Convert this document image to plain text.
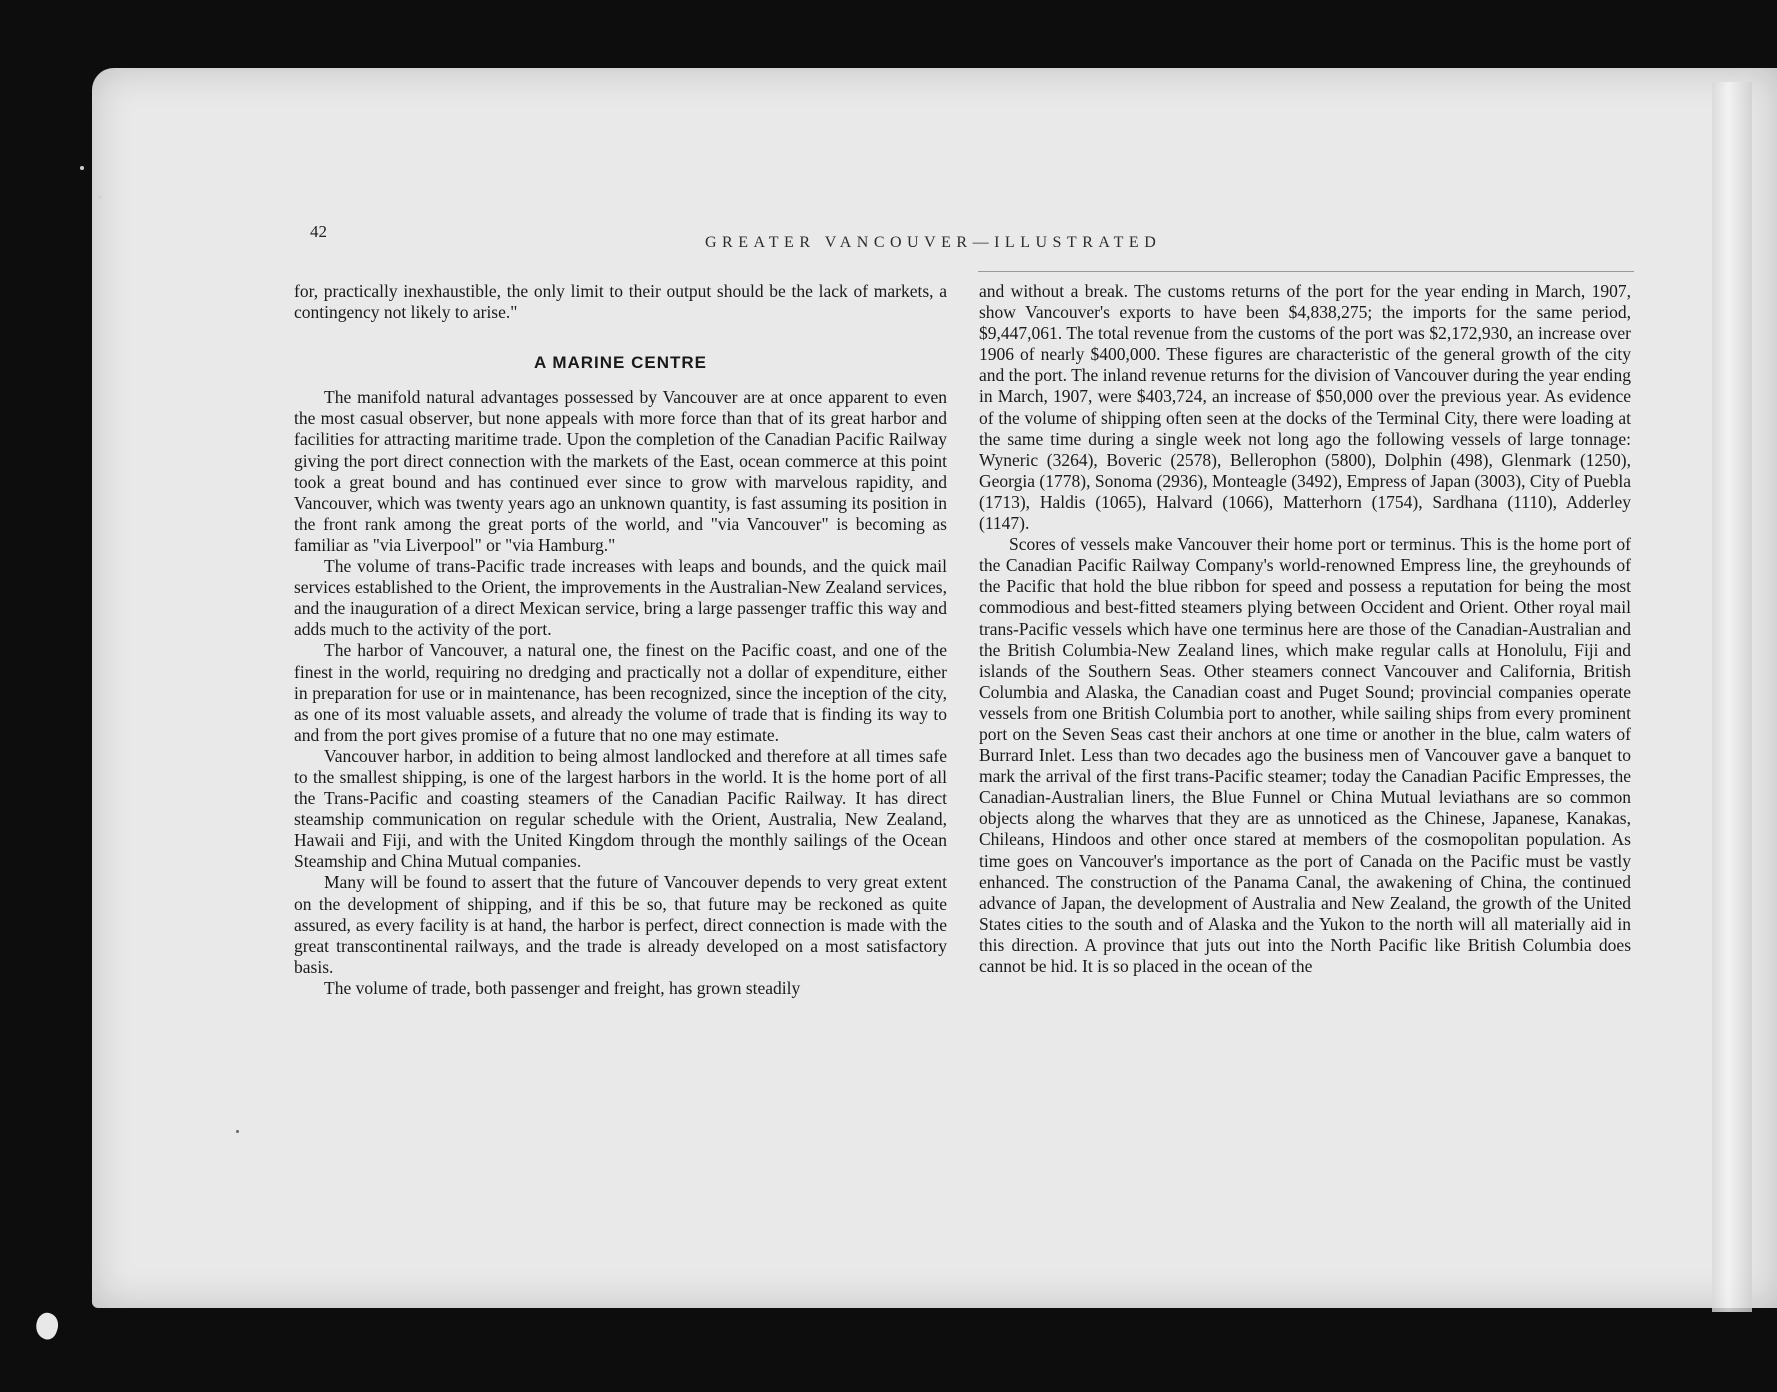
42
GREATER VANCOUVER—ILLUSTRATED

for, practically inexhaustible, the only limit to their output should be the lack of markets, a contingency not likely to arise."

A MARINE CENTRE

The manifold natural advantages possessed by Vancouver are at once apparent to even the most casual observer, but none appeals with more force than that of its great harbor and facilities for attracting maritime trade. Upon the completion of the Canadian Pacific Railway giving the port direct connection with the markets of the East, ocean commerce at this point took a great bound and has continued ever since to grow with marvelous rapidity, and Vancouver, which was twenty years ago an unknown quantity, is fast assuming its position in the front rank among the great ports of the world, and "via Vancouver" is becoming as familiar as "via Liverpool" or "via Hamburg."

The volume of trans-Pacific trade increases with leaps and bounds, and the quick mail services established to the Orient, the improvements in the Australian-New Zealand services, and the inauguration of a direct Mexican service, bring a large passenger traffic this way and adds much to the activity of the port.

The harbor of Vancouver, a natural one, the finest on the Pacific coast, and one of the finest in the world, requiring no dredging and practically not a dollar of expenditure, either in preparation for use or in maintenance, has been recognized, since the inception of the city, as one of its most valuable assets, and already the volume of trade that is finding its way to and from the port gives promise of a future that no one may estimate.

Vancouver harbor, in addition to being almost landlocked and therefore at all times safe to the smallest shipping, is one of the largest harbors in the world. It is the home port of all the Trans-Pacific and coasting steamers of the Canadian Pacific Railway. It has direct steamship communication on regular schedule with the Orient, Australia, New Zealand, Hawaii and Fiji, and with the United Kingdom through the monthly sailings of the Ocean Steamship and China Mutual companies.

Many will be found to assert that the future of Vancouver depends to very great extent on the development of shipping, and if this be so, that future may be reckoned as quite assured, as every facility is at hand, the harbor is perfect, direct connection is made with the great transcontinental railways, and the trade is already developed on a most satisfactory basis.

The volume of trade, both passenger and freight, has grown steadily

and without a break. The customs returns of the port for the year ending in March, 1907, show Vancouver's exports to have been $4,838,275; the imports for the same period, $9,447,061. The total revenue from the customs of the port was $2,172,930, an increase over 1906 of nearly $400,000. These figures are characteristic of the general growth of the city and the port. The inland revenue returns for the division of Vancouver during the year ending in March, 1907, were $403,724, an increase of $50,000 over the previous year. As evidence of the volume of shipping often seen at the docks of the Terminal City, there were loading at the same time during a single week not long ago the following vessels of large tonnage: Wyneric (3264), Boveric (2578), Bellerophon (5800), Dolphin (498), Glenmark (1250), Georgia (1778), Sonoma (2936), Monteagle (3492), Empress of Japan (3003), City of Puebla (1713), Haldis (1065), Halvard (1066), Matterhorn (1754), Sardhana (1110), Adderley (1147).

Scores of vessels make Vancouver their home port or terminus. This is the home port of the Canadian Pacific Railway Company's world-renowned Empress line, the greyhounds of the Pacific that hold the blue ribbon for speed and possess a reputation for being the most commodious and best-fitted steamers plying between Occident and Orient. Other royal mail trans-Pacific vessels which have one terminus here are those of the Canadian-Australian and the British Columbia-New Zealand lines, which make regular calls at Honolulu, Fiji and islands of the Southern Seas. Other steamers connect Vancouver and California, British Columbia and Alaska, the Canadian coast and Puget Sound; provincial companies operate vessels from one British Columbia port to another, while sailing ships from every prominent port on the Seven Seas cast their anchors at one time or another in the blue, calm waters of Burrard Inlet. Less than two decades ago the business men of Vancouver gave a banquet to mark the arrival of the first trans-Pacific steamer; today the Canadian Pacific Empresses, the Canadian-Australian liners, the Blue Funnel or China Mutual leviathans are so common objects along the wharves that they are as unnoticed as the Chinese, Japanese, Kanakas, Chileans, Hindoos and other once stared at members of the cosmopolitan population. As time goes on Vancouver's importance as the port of Canada on the Pacific must be vastly enhanced. The construction of the Panama Canal, the awakening of China, the continued advance of Japan, the development of Australia and New Zealand, the growth of the United States cities to the south and of Alaska and the Yukon to the north will all materially aid in this direction. A province that juts out into the North Pacific like British Columbia does cannot be hid. It is so placed in the ocean of the
